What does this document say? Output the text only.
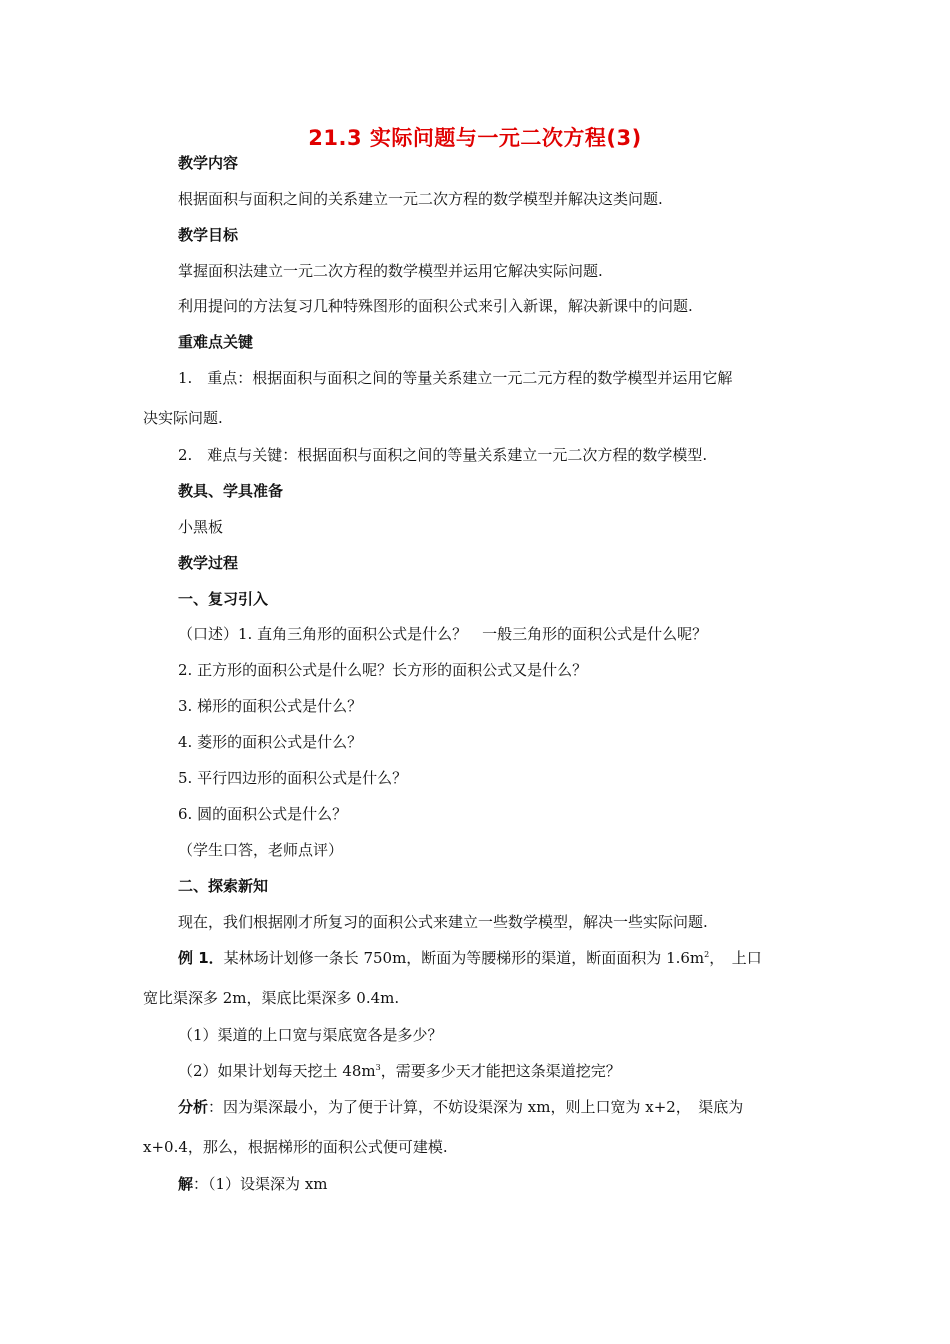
21.3 实际问题与一元二次方程(3)
教学内容
根据面积与面积之间的关系建立一元二次方程的数学模型并解决这类问题.
教学目标
掌握面积法建立一元二次方程的数学模型并运用它解决实际问题.
利用提问的方法复习几种特殊图形的面积公式来引入新课，解决新课中的问题.
重难点关键
1.　重点：根据面积与面积之间的等量关系建立一元二元方程的数学模型并运用它解
决实际问题.
2.　难点与关键：根据面积与面积之间的等量关系建立一元二次方程的数学模型.
教具、学具准备
小黑板
教学过程
一、复习引入
（口述）1. 直角三角形的面积公式是什么？　一般三角形的面积公式是什么呢？
2. 正方形的面积公式是什么呢？长方形的面积公式又是什么？
3. 梯形的面积公式是什么？
4. 菱形的面积公式是什么？
5. 平行四边形的面积公式是什么？
6. 圆的面积公式是什么？
（学生口答，老师点评）
二、探索新知
现在，我们根据刚才所复习的面积公式来建立一些数学模型，解决一些实际问题.
例 1．某林场计划修一条长 750m，断面为等腰梯形的渠道，断面面积为 $1.6m^2$，　上口
宽比渠深多 2m，渠底比渠深多 0.4m.
（1）渠道的上口宽与渠底宽各是多少？
（2）如果计划每天挖土 $48m^3$，需要多少天才能把这条渠道挖完？
分析：因为渠深最小，为了便于计算，不妨设渠深为 xm，则上口宽为 x+2，　渠底为
x+0.4，那么，根据梯形的面积公式便可建模.
解：（1）设渠深为 xm
